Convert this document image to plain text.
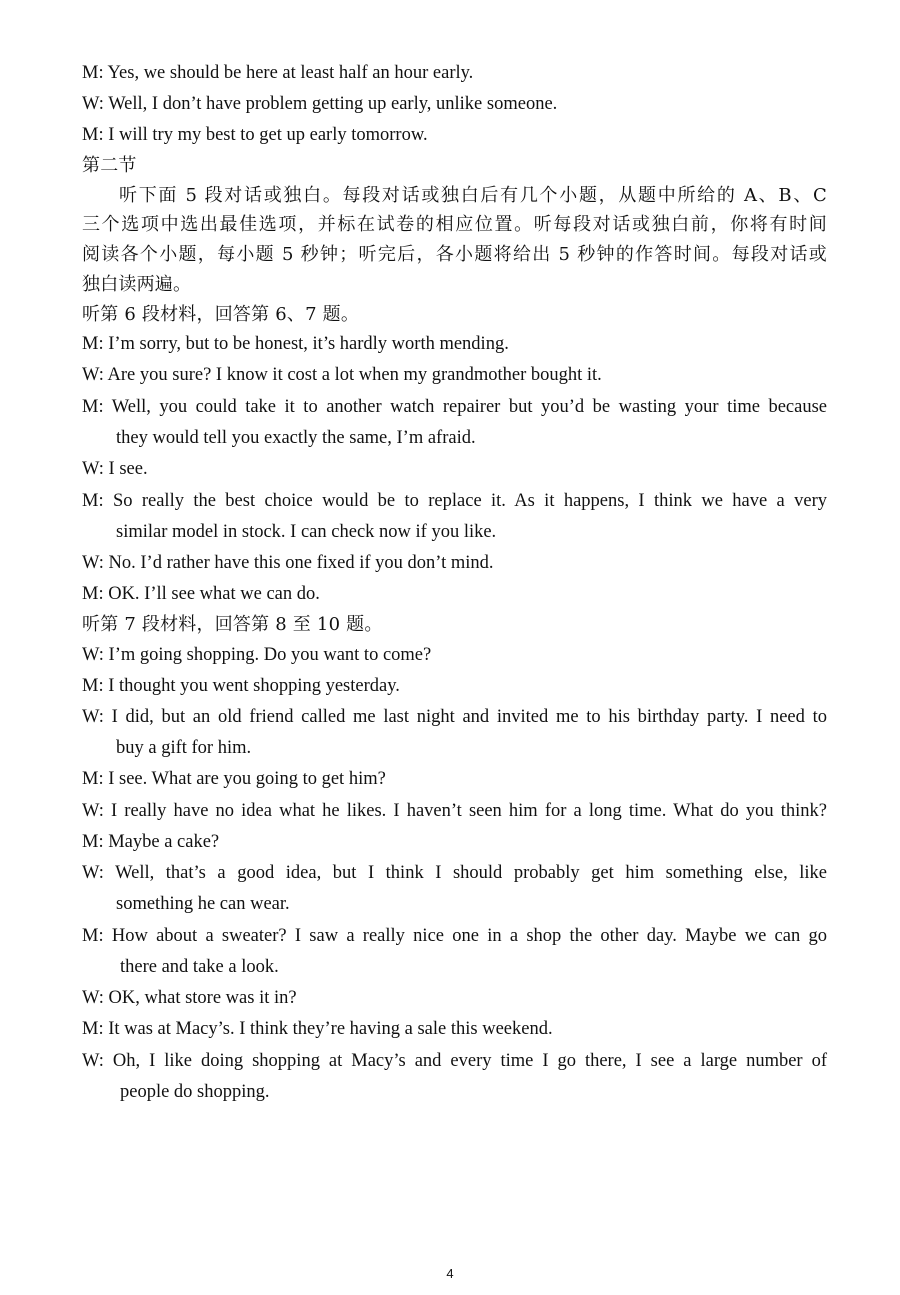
M: Yes, we should be here at least half an hour early.
W: Well, I don’t have problem getting up early, unlike someone.
M: I will try my best to get up early tomorrow.
第二节
听下面 5 段对话或独白。每段对话或独白后有几个小题，从题中所给的 A、B、C
三个选项中选出最佳选项，并标在试卷的相应位置。听每段对话或独白前，你将有时间
阅读各个小题，每小题 5 秒钟；听完后，各小题将给出 5 秒钟的作答时间。每段对话或
独白读两遍。
听第 6 段材料，回答第 6、7 题。
M: I’m sorry, but to be honest, it’s hardly worth mending.
W: Are you sure? I know it cost a lot when my grandmother bought it.
M: Well, you could take it to another watch repairer but you’d be wasting your time because
they would tell you exactly the same, I’m afraid.
W: I see.
M: So really the best choice would be to replace it. As it happens, I think we have a very
similar model in stock. I can check now if you like.
W: No. I’d rather have this one fixed if you don’t mind.
M: OK. I’ll see what we can do.
听第 7 段材料，回答第 8 至 10 题。
W: I’m going shopping. Do you want to come?
M: I thought you went shopping yesterday.
W: I did, but an old friend called me last night and invited me to his birthday party. I need to
buy a gift for him.
M: I see. What are you going to get him?
W: I really have no idea what he likes. I haven’t seen him for a long time. What do you think?
M: Maybe a cake?
W: Well, that’s a good idea, but I think I should probably get him something else, like
something he can wear.
M: How about a sweater? I saw a really nice one in a shop the other day. Maybe we can go
there and take a look.
W: OK, what store was it in?
M: It was at Macy’s. I think they’re having a sale this weekend.
W: Oh, I like doing shopping at Macy’s and every time I go there, I see a large number of
people do shopping.
4
